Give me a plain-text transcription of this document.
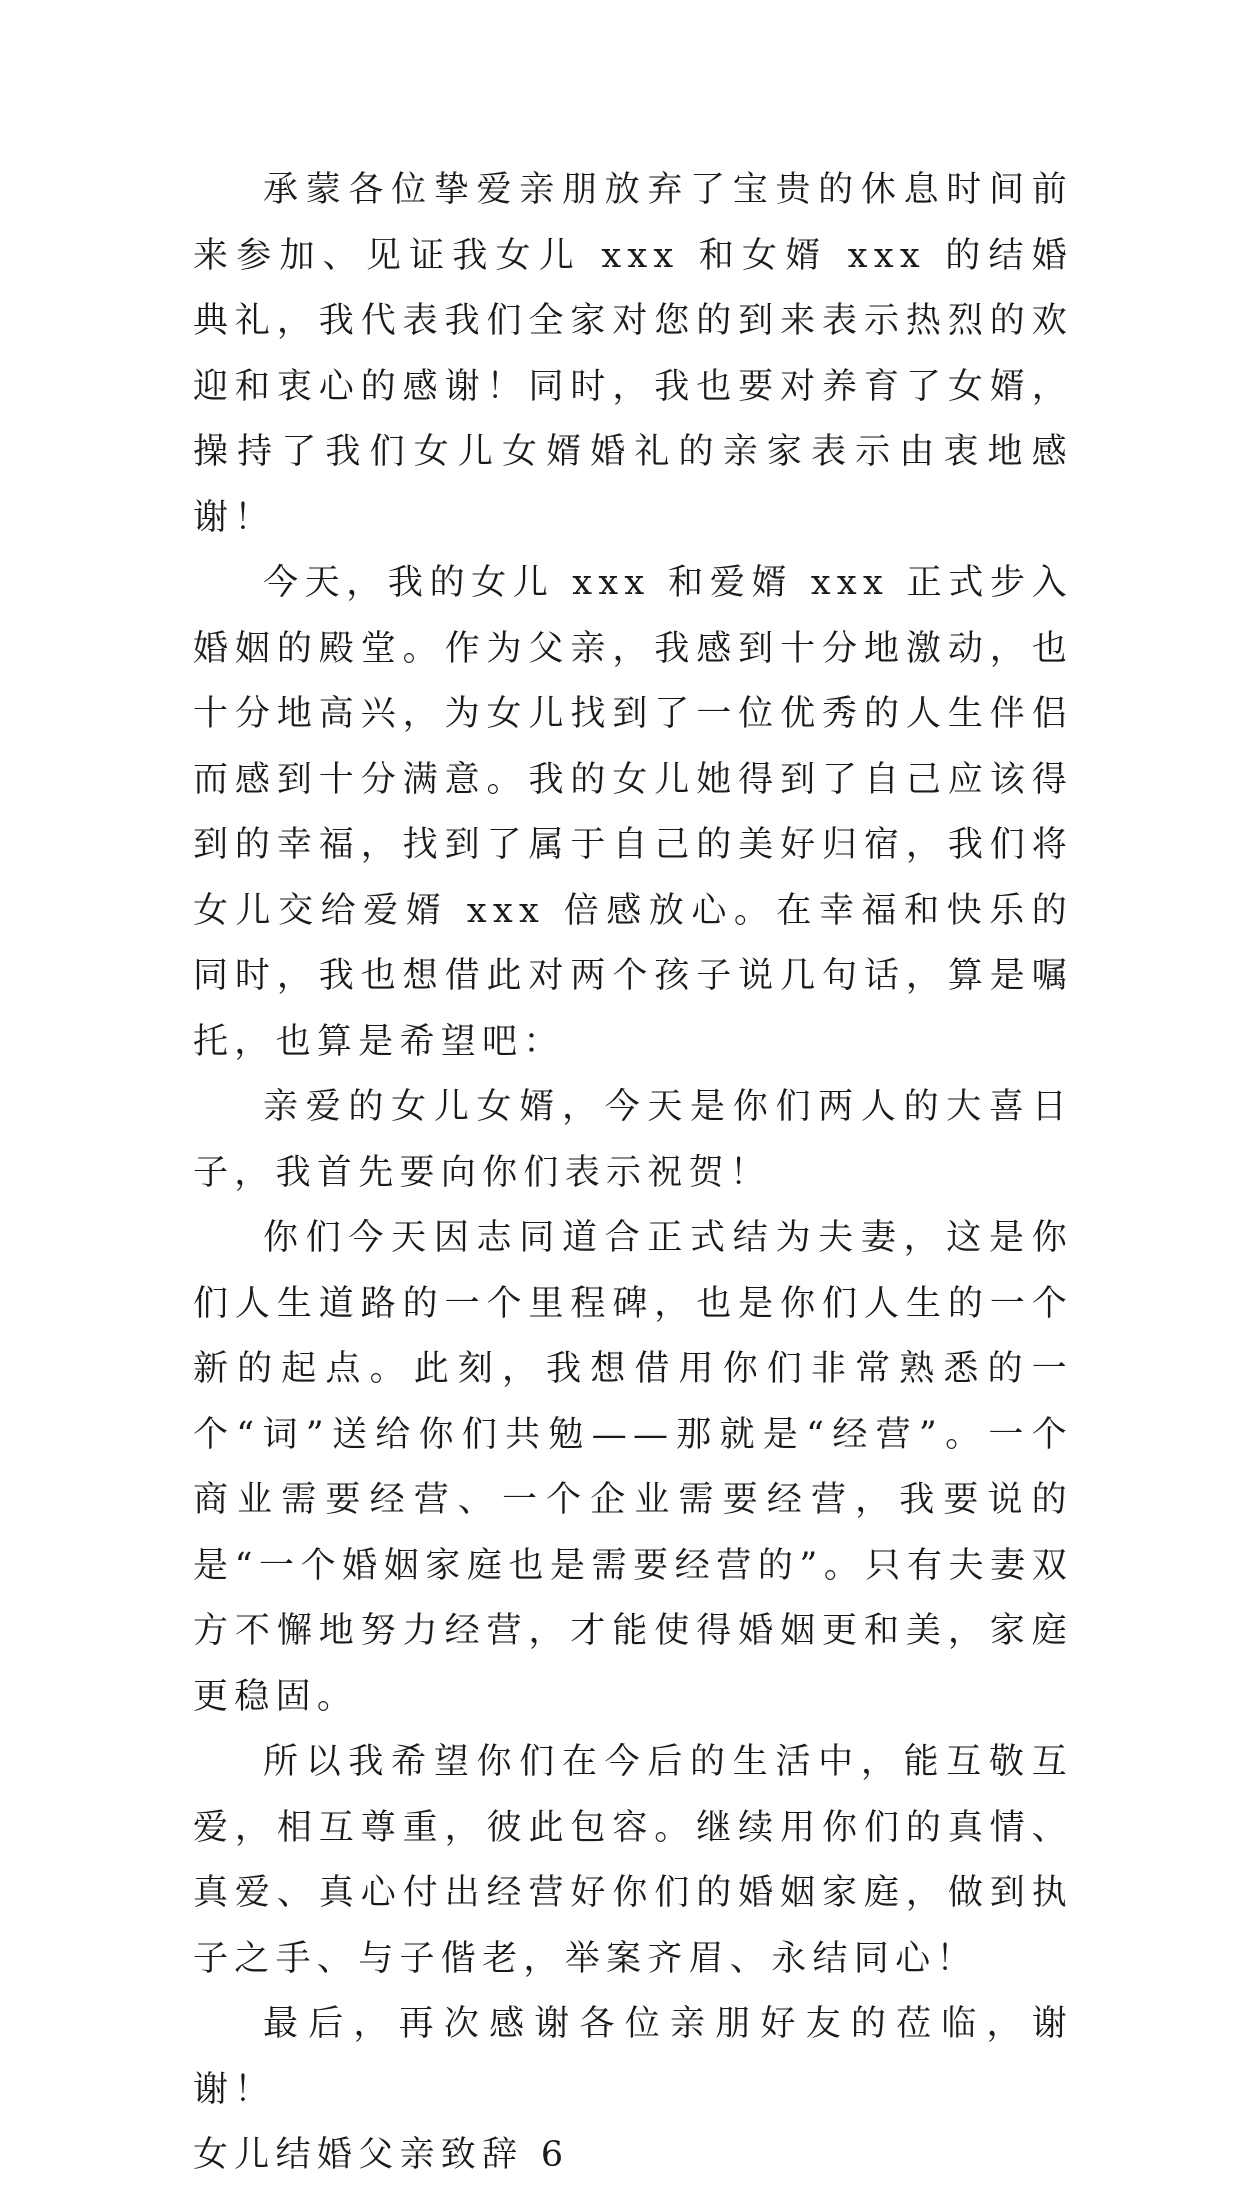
承蒙各位挚爱亲朋放弃了宝贵的休息时间前来参加、见证我女儿 xxx 和女婿 xxx 的结婚典礼，我代表我们全家对您的到来表示热烈的欢迎和衷心的感谢！同时，我也要对养育了女婿，操持了我们女儿女婿婚礼的亲家表示由衷地感谢！

今天，我的女儿 xxx 和爱婿 xxx 正式步入婚姻的殿堂。作为父亲，我感到十分地激动，也十分地高兴，为女儿找到了一位优秀的人生伴侣而感到十分满意。我的女儿她得到了自己应该得到的幸福，找到了属于自己的美好归宿，我们将女儿交给爱婿 xxx 倍感放心。在幸福和快乐的同时，我也想借此对两个孩子说几句话，算是嘱托，也算是希望吧：

亲爱的女儿女婿，今天是你们两人的大喜日子，我首先要向你们表示祝贺！

你们今天因志同道合正式结为夫妻，这是你们人生道路的一个里程碑，也是你们人生的一个新的起点。此刻，我想借用你们非常熟悉的一个“词”送给你们共勉——那就是“经营”。一个商业需要经营、一个企业需要经营，我要说的是“一个婚姻家庭也是需要经营的”。只有夫妻双方不懈地努力经营，才能使得婚姻更和美，家庭更稳固。

所以我希望你们在今后的生活中，能互敬互爱，相互尊重，彼此包容。继续用你们的真情、真爱、真心付出经营好你们的婚姻家庭，做到执子之手、与子偕老，举案齐眉、永结同心！

最后，再次感谢各位亲朋好友的莅临，谢谢！

女儿结婚父亲致辞 6
